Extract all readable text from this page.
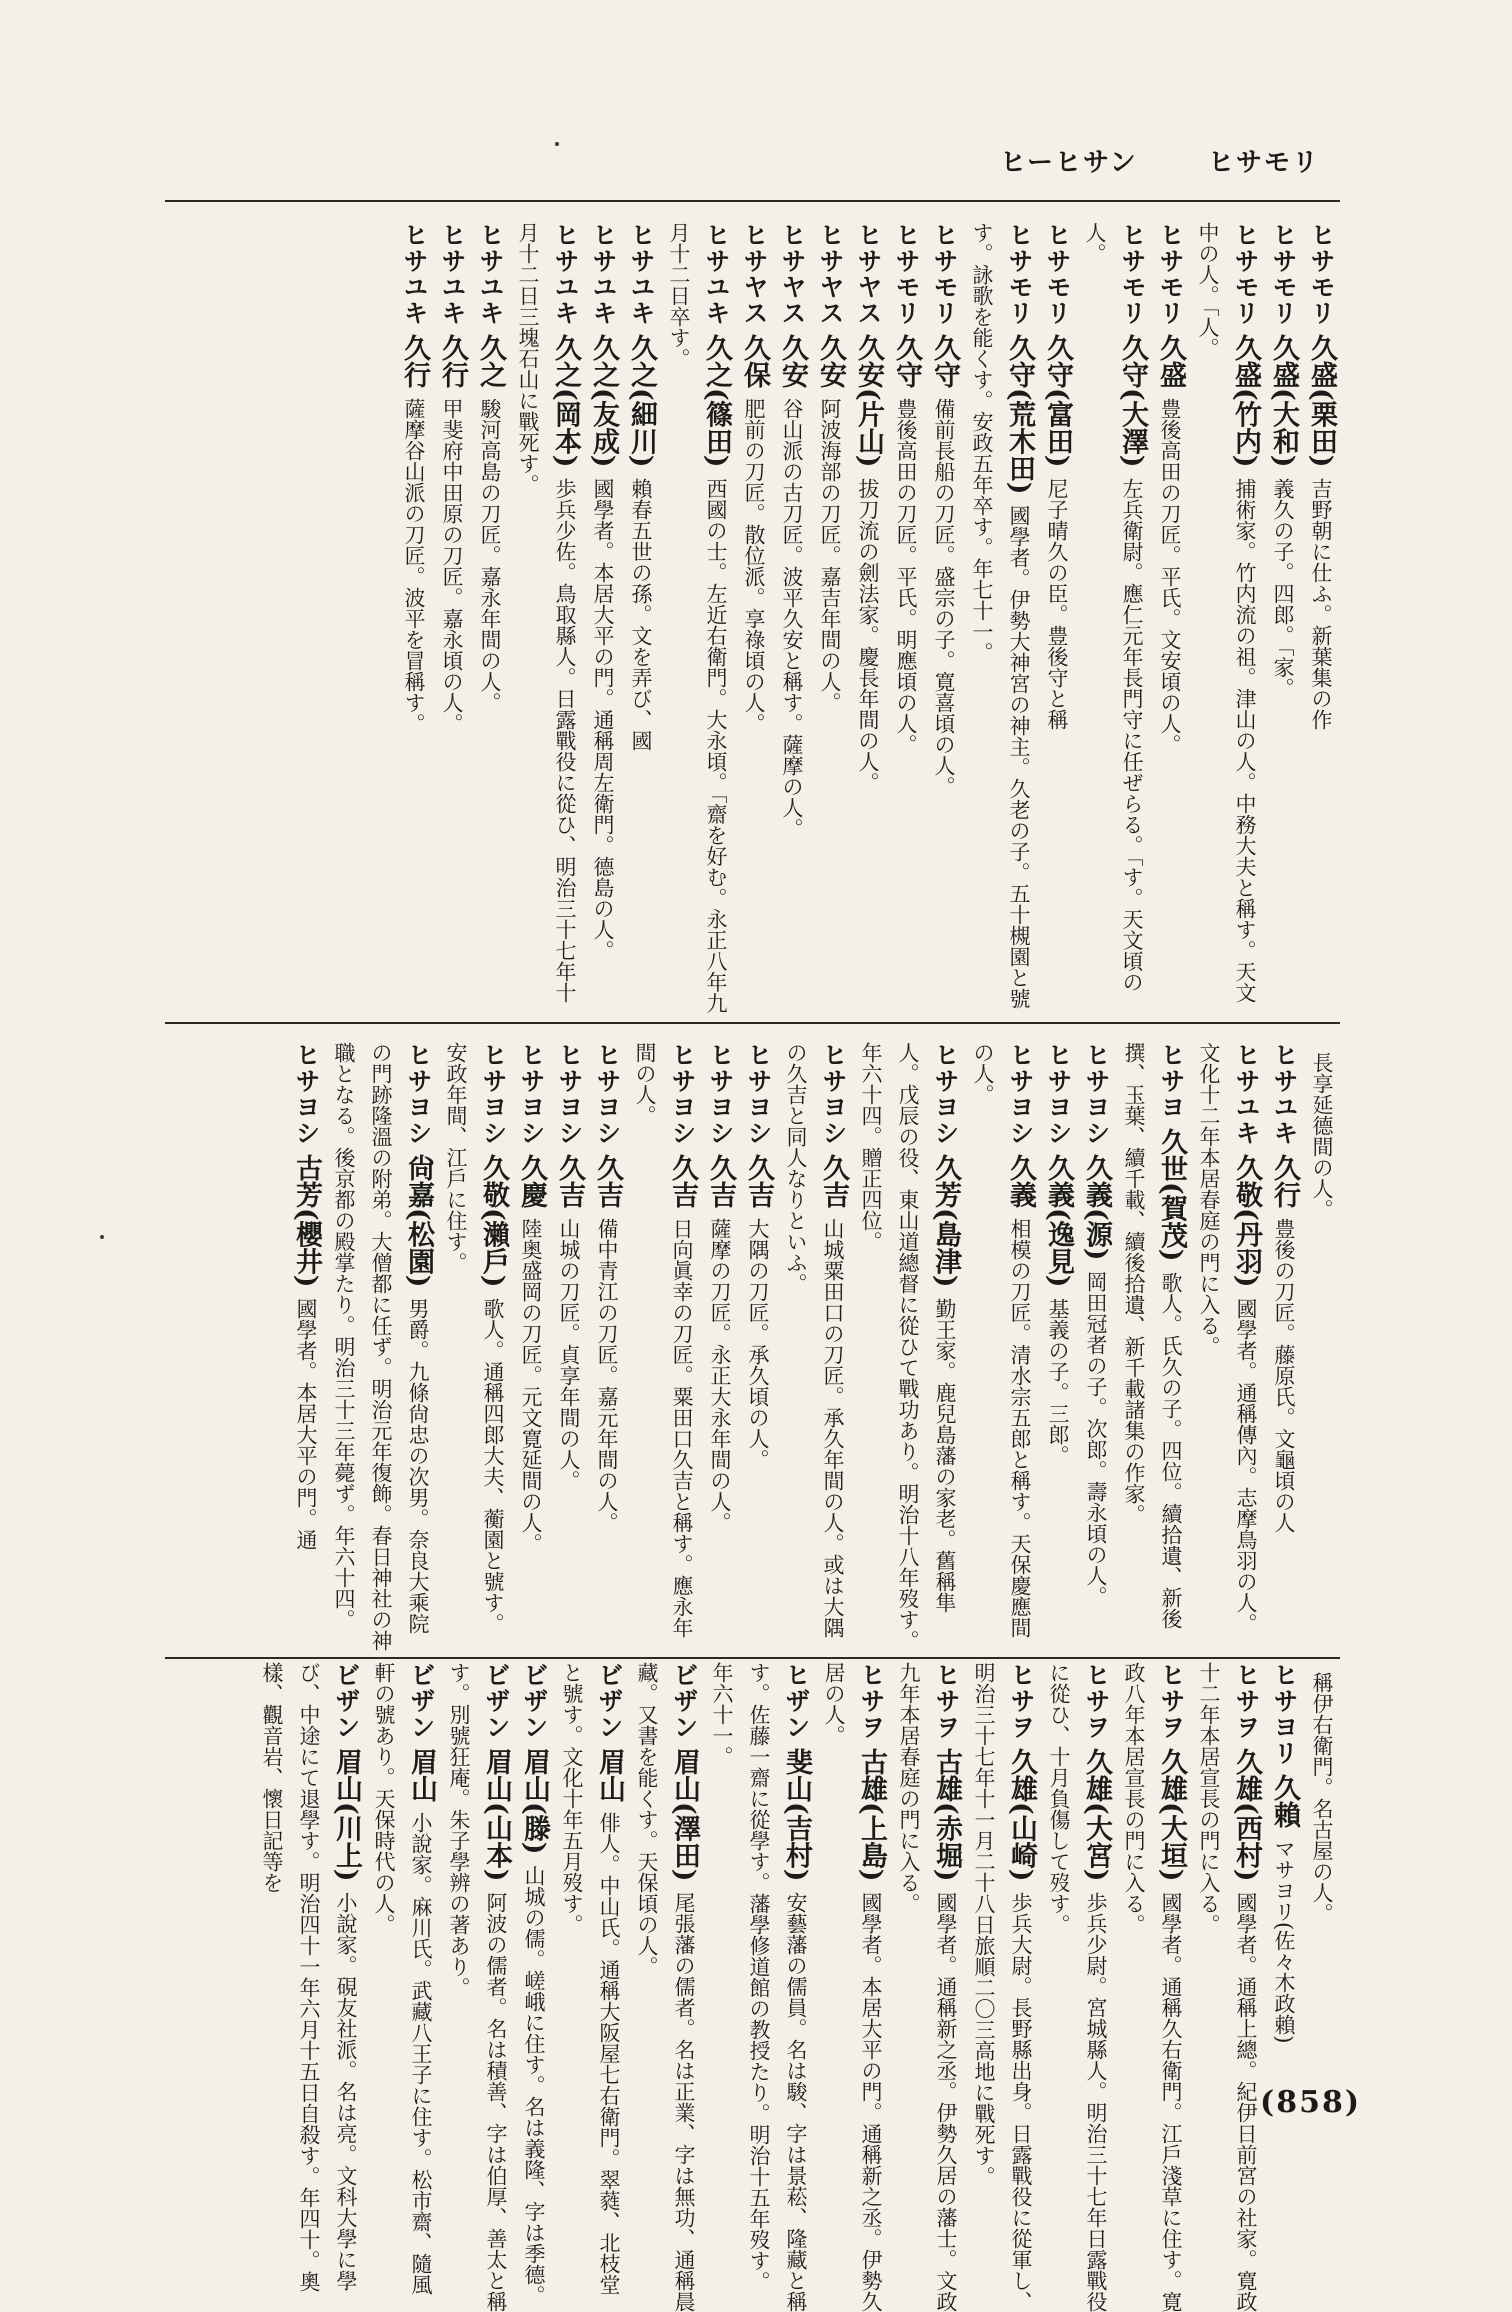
ヒサモリ
ヒーヒサン

ヒサモリ久盛(栗田)吉野朝に仕ふ。新葉集の作

ヒサモリ久盛(大和)義久の子。四郎。「家。

ヒサモリ久盛(竹内)捕術家。竹内流の祖。津山の人。中務大夫と稱す。天文中の人。「人。

ヒサモリ久盛豊後高田の刀匠。平氏。文安頃の人。

ヒサモリ久守(大澤)左兵衛尉。應仁元年長門守に任ぜらる。「す。天文頃の人。

ヒサモリ久守(富田)尼子晴久の臣。豊後守と稱

ヒサモリ久守(荒木田)國學者。伊勢大神宮の神主。久老の子。五十槻園と號す。詠歌を能くす。安政五年卒す。年七十一。

ヒサモリ久守備前長船の刀匠。盛宗の子。寛喜頃の人。

ヒサモリ久守豊後高田の刀匠。平氏。明應頃の人。

ヒサヤス久安(片山)拔刀流の劍法家。慶長年間の人。

ヒサヤス久安阿波海部の刀匠。嘉吉年間の人。

ヒサヤス久安谷山派の古刀匠。波平久安と稱す。薩摩の人。

ヒサヤス久保肥前の刀匠。散位派。享祿頃の人。

ヒサユキ久之(篠田)西國の士。左近右衛門。大永頃。「齋を好む。永正八年九月十二日卒す。

ヒサユキ久之(細川)賴春五世の孫。文を弄び、國

ヒサユキ久之(友成)國學者。本居大平の門。通稱周左衛門。德島の人。

ヒサユキ久之(岡本)歩兵少佐。鳥取縣人。日露戰役に從ひ、明治三十七年十月十二日三塊石山に戰死す。

ヒサユキ久之駿河高島の刀匠。嘉永年間の人。

ヒサユキ久行甲斐府中田原の刀匠。嘉永頃の人。

ヒサユキ久行薩摩谷山派の刀匠。波平を冒稱す。

長享延德間の人。

ヒサユキ久行豊後の刀匠。藤原氏。文龜頃の人

ヒサユキ久敬(丹羽)國學者。通稱傳內。志摩鳥羽の人。文化十二年本居春庭の門に入る。

ヒサヨ久世(賀茂)歌人。氏久の子。四位。續拾遺、新後撰、玉葉、續千載、續後拾遺、新千載諸集の作家。

ヒサヨシ久義(源)岡田冠者の子。次郎。壽永頃の人。

ヒサヨシ久義(逸見)基義の子。三郎。

ヒサヨシ久義相模の刀匠。清水宗五郎と稱す。天保慶應間の人。

ヒサヨシ久芳(島津)勤王家。鹿兒島藩の家老。舊稱隼人。戊辰の役、東山道總督に從ひて戰功あり。明治十八年歿す。年六十四。贈正四位。

ヒサヨシ久吉山城粟田口の刀匠。承久年間の人。或は大隅の久吉と同人なりといふ。

ヒサヨシ久吉大隅の刀匠。承久頃の人。

ヒサヨシ久吉薩摩の刀匠。永正大永年間の人。

ヒサヨシ久吉日向眞幸の刀匠。粟田口久吉と稱す。應永年間の人。

ヒサヨシ久吉備中青江の刀匠。嘉元年間の人。

ヒサヨシ久吉山城の刀匠。貞享年間の人。

ヒサヨシ久慶陸奥盛岡の刀匠。元文寛延間の人。

ヒサヨシ久敬(瀨戶)歌人。通稱四郎大夫、蘅園と號す。安政年間、江戶に住す。

ヒサヨシ尙嘉(松園)男爵。九條尙忠の次男。奈良大乘院の門跡隆溫の附弟。大僧都に任ず。明治元年復飾。春日神社の神職となる。後京都の殿掌たり。明治三十三年薨ず。年六十四。

ヒサヨシ古芳(櫻井)國學者。本居大平の門。通

稱伊右衛門。名古屋の人。

ヒサヨリ久賴マサヨリ(佐々木政賴)

ヒサヲ久雄(西村)國學者。通稱上總。紀伊日前宮の社家。寛政十二年本居宣長の門に入る。

ヒサヲ久雄(大垣)國學者。通稱久右衛門。江戶淺草に住す。寛政八年本居宣長の門に入る。

ヒサヲ久雄(大宮)歩兵少尉。宮城縣人。明治三十七年日露戰役に從ひ、十月負傷して歿す。

ヒサヲ久雄(山崎)歩兵大尉。長野縣出身。日露戰役に從軍し、明治三十七年十一月二十八日旅順二〇三高地に戰死す。

ヒサヲ古雄(赤堀)國學者。通稱新之丞。伊勢久居の藩士。文政九年本居春庭の門に入る。

ヒサヲ古雄(上島)國學者。本居大平の門。通稱新之丞。伊勢久居の人。

ヒザン斐山(吉村)安藝藩の儒員。名は駿、字は景菘、隆藏と稱す。佐藤一齋に從學す。藩學修道館の教授たり。明治十五年歿す。年六十一。

ビザン眉山(澤田)尾張藩の儒者。名は正業、字は無功、通稱晨藏。又書を能くす。天保頃の人。

ビザン眉山俳人。中山氏。通稱大阪屋七右衛門。翠蕤、北枝堂と號す。文化十年五月歿す。

ビザン眉山(滕)山城の儒。嵯峨に住す。名は義隆、字は季德。

ビザン眉山(山本)阿波の儒者。名は積善、字は伯厚、善太と稱す。別號狂庵。朱子學辨の著あり。

ビザン眉山小說家。麻川氏。武藏八王子に住す。松市齋、隨風軒の號あり。天保時代の人。

ビザン眉山(川上)小說家。硯友社派。名は亮。文科大學に學び、中途にて退學す。明治四十一年六月十五日自殺す。年四十。奧樣、觀音岩、懷日記等を

(858)
